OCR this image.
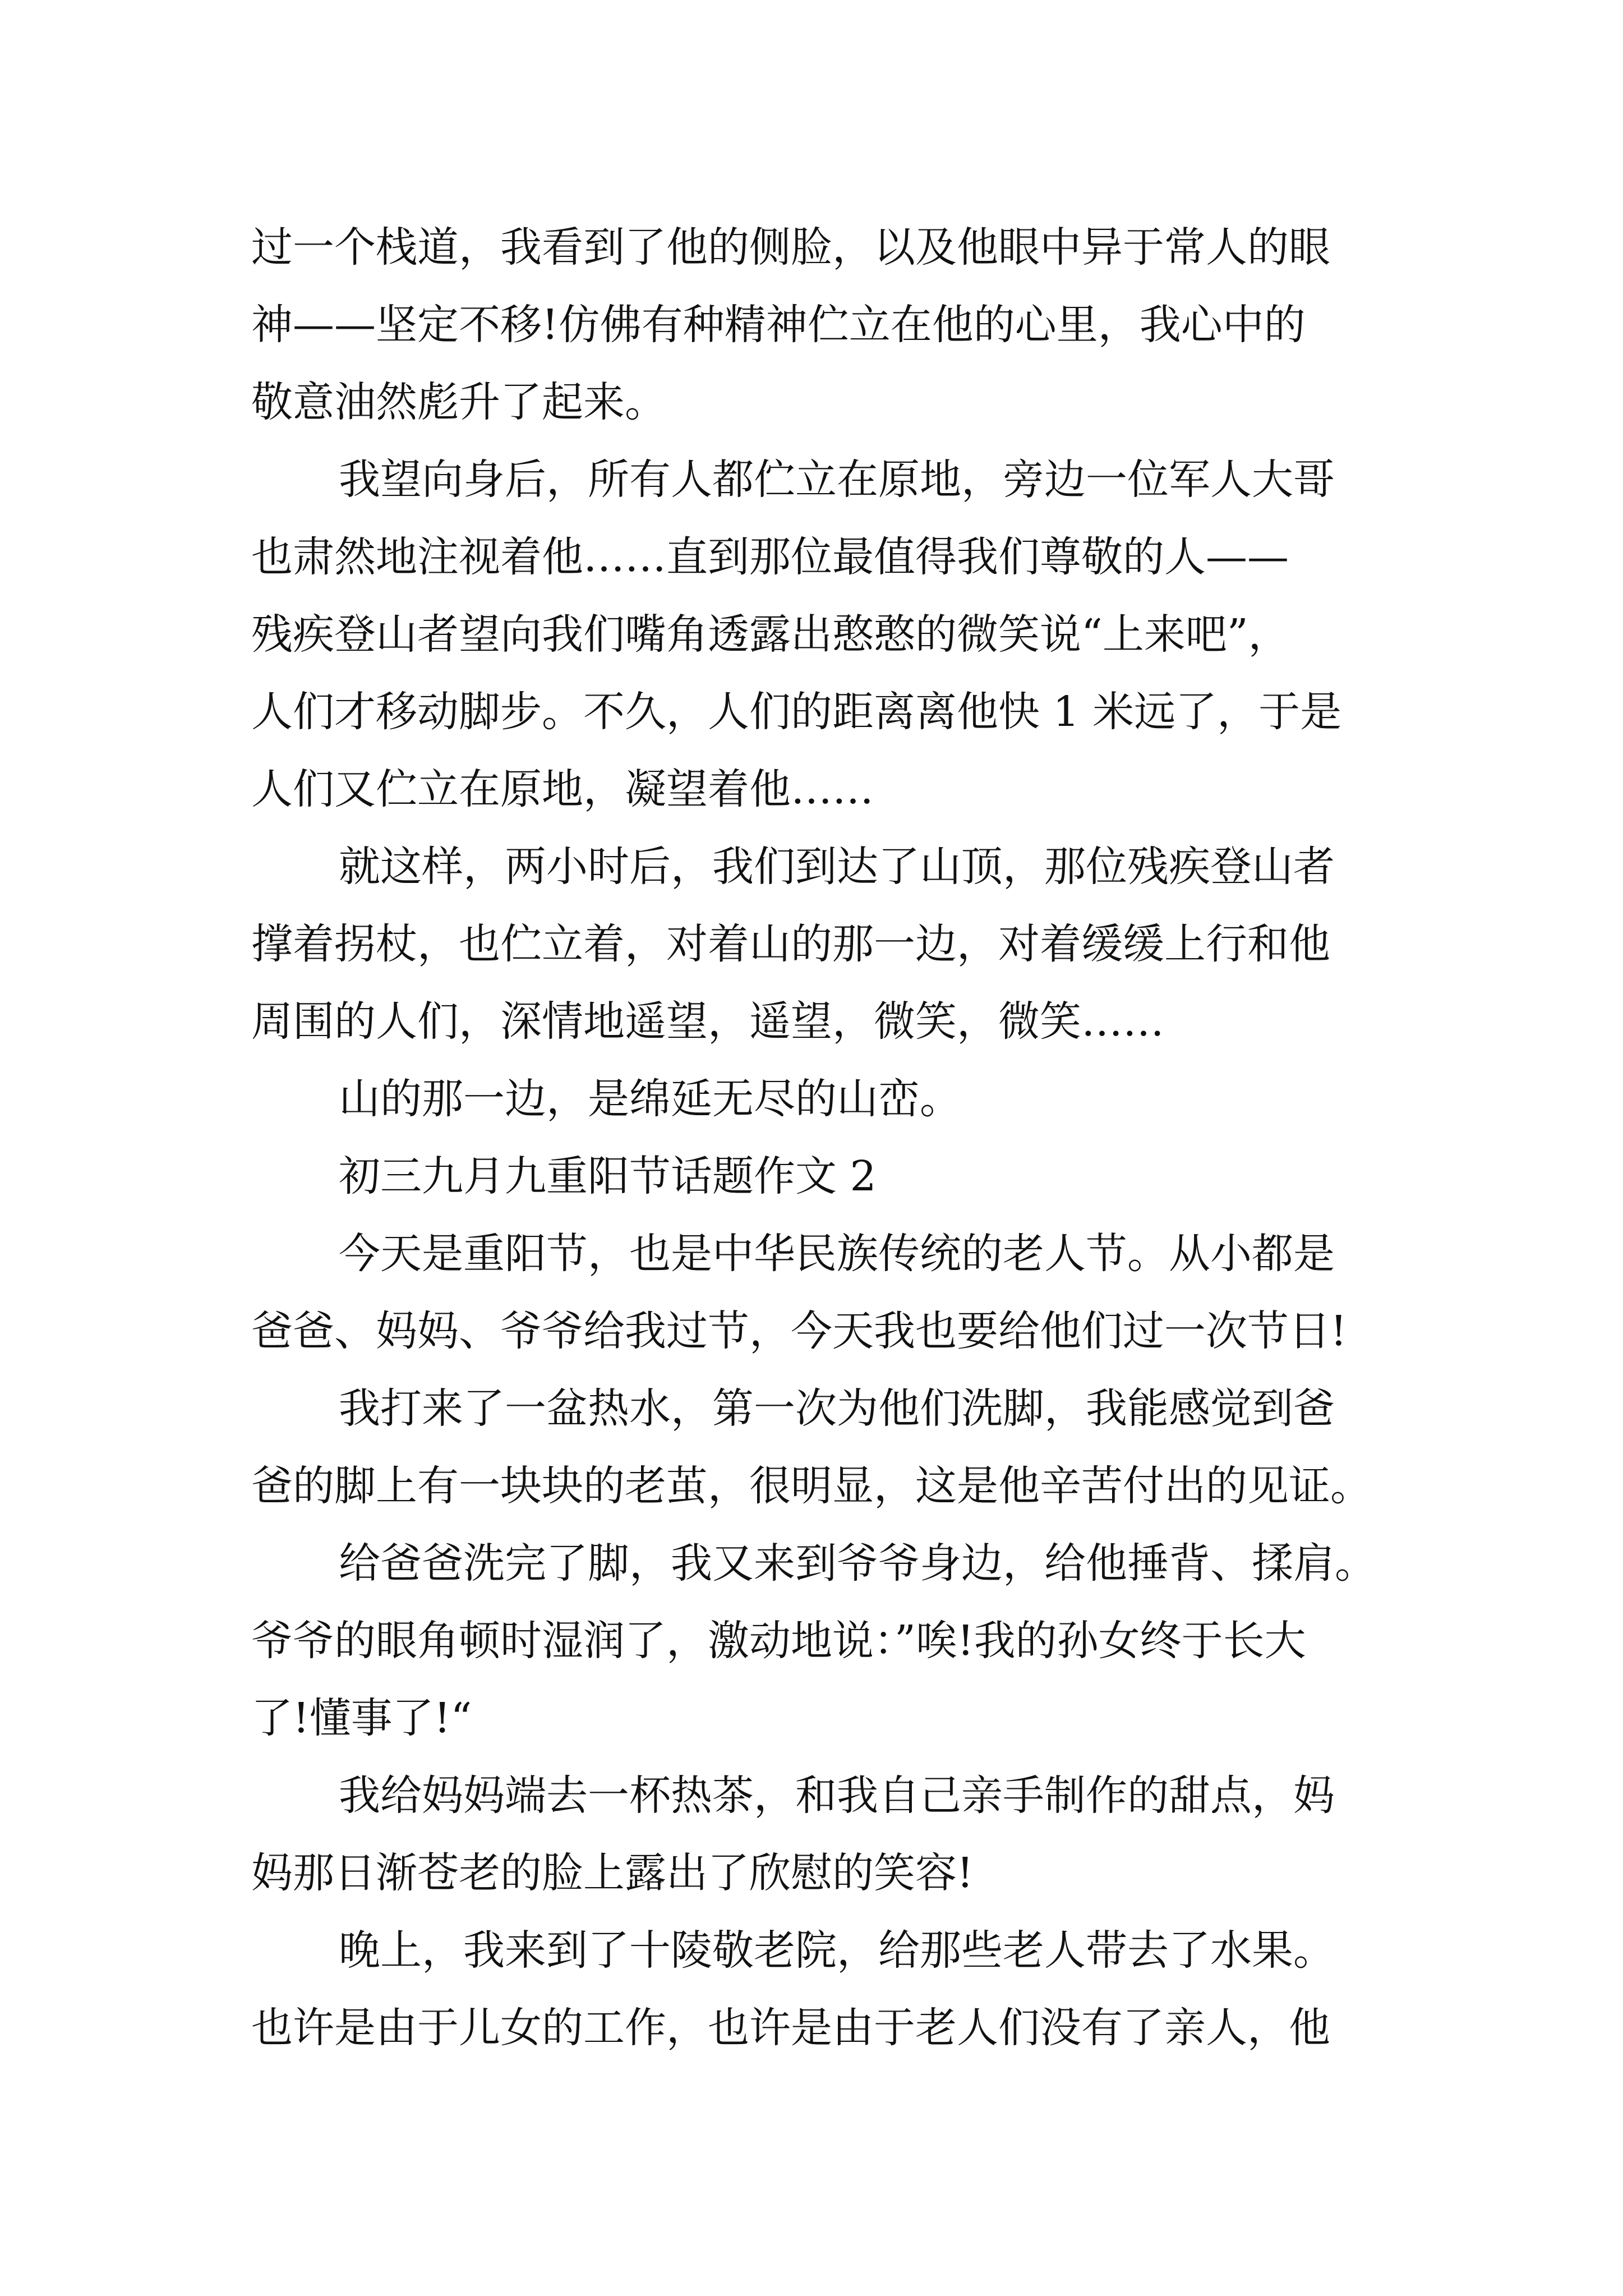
过一个栈道，我看到了他的侧脸，以及他眼中异于常人的眼
神——坚定不移!仿佛有种精神伫立在他的心里，我心中的
敬意油然彪升了起来。
我望向身后，所有人都伫立在原地，旁边一位军人大哥
也肃然地注视着他……直到那位最值得我们尊敬的人——
残疾登山者望向我们嘴角透露出憨憨的微笑说“上来吧”，
人们才移动脚步。不久，人们的距离离他快 1 米远了，于是
人们又伫立在原地，凝望着他……
就这样，两小时后，我们到达了山顶，那位残疾登山者
撑着拐杖，也伫立着，对着山的那一边，对着缓缓上行和他
周围的人们，深情地遥望，遥望，微笑，微笑……
山的那一边，是绵延无尽的山峦。
初三九月九重阳节话题作文 2
今天是重阳节，也是中华民族传统的老人节。从小都是
爸爸、妈妈、爷爷给我过节，今天我也要给他们过一次节日!
我打来了一盆热水，第一次为他们洗脚，我能感觉到爸
爸的脚上有一块块的老茧，很明显，这是他辛苦付出的见证。
给爸爸洗完了脚，我又来到爷爷身边，给他捶背、揉肩。
爷爷的眼角顿时湿润了，激动地说：”唉!我的孙女终于长大
了!懂事了!“
我给妈妈端去一杯热茶，和我自己亲手制作的甜点，妈
妈那日渐苍老的脸上露出了欣慰的笑容!
晚上，我来到了十陵敬老院，给那些老人带去了水果。
也许是由于儿女的工作，也许是由于老人们没有了亲人，他
